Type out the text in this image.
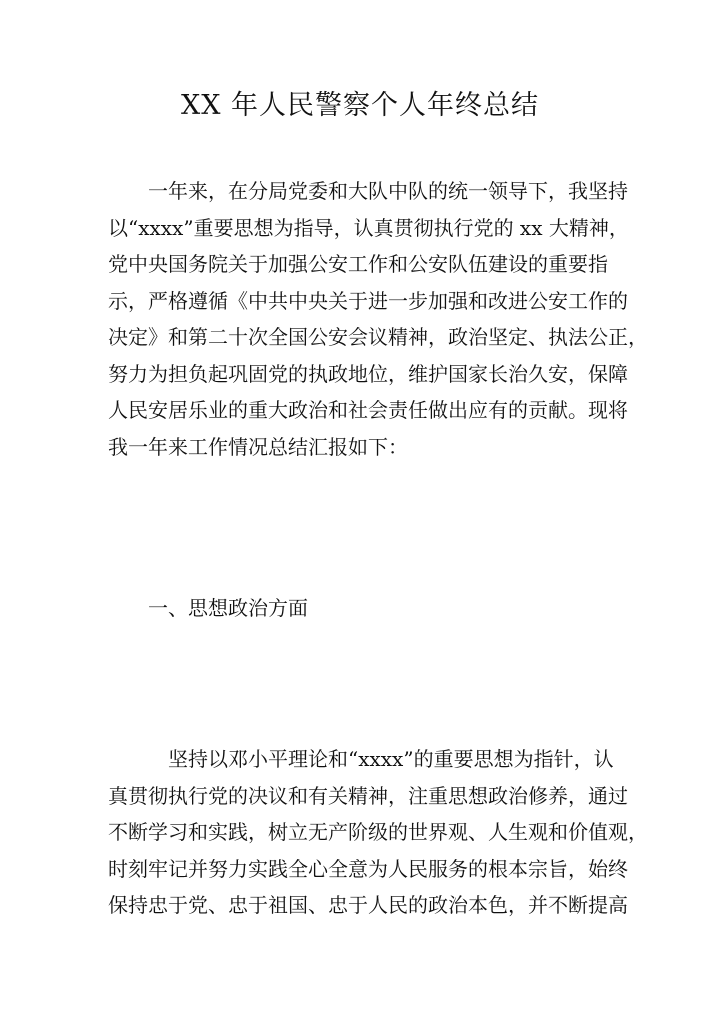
XX 年人民警察个人年终总结
一年来，在分局党委和大队中队的统一领导下，我坚持
以“xxxx”重要思想为指导，认真贯彻执行党的 xx 大精神，
党中央国务院关于加强公安工作和公安队伍建设的重要指
示，严格遵循《中共中央关于进一步加强和改进公安工作的
决定》和第二十次全国公安会议精神，政治坚定、执法公正，
努力为担负起巩固党的执政地位，维护国家长治久安，保障
人民安居乐业的重大政治和社会责任做出应有的贡献。现将
我一年来工作情况总结汇报如下：
一、思想政治方面
坚持以邓小平理论和“xxxx”的重要思想为指针，认
真贯彻执行党的决议和有关精神，注重思想政治修养，通过
不断学习和实践，树立无产阶级的世界观、人生观和价值观，
时刻牢记并努力实践全心全意为人民服务的根本宗旨，始终
保持忠于党、忠于祖国、忠于人民的政治本色，并不断提高
